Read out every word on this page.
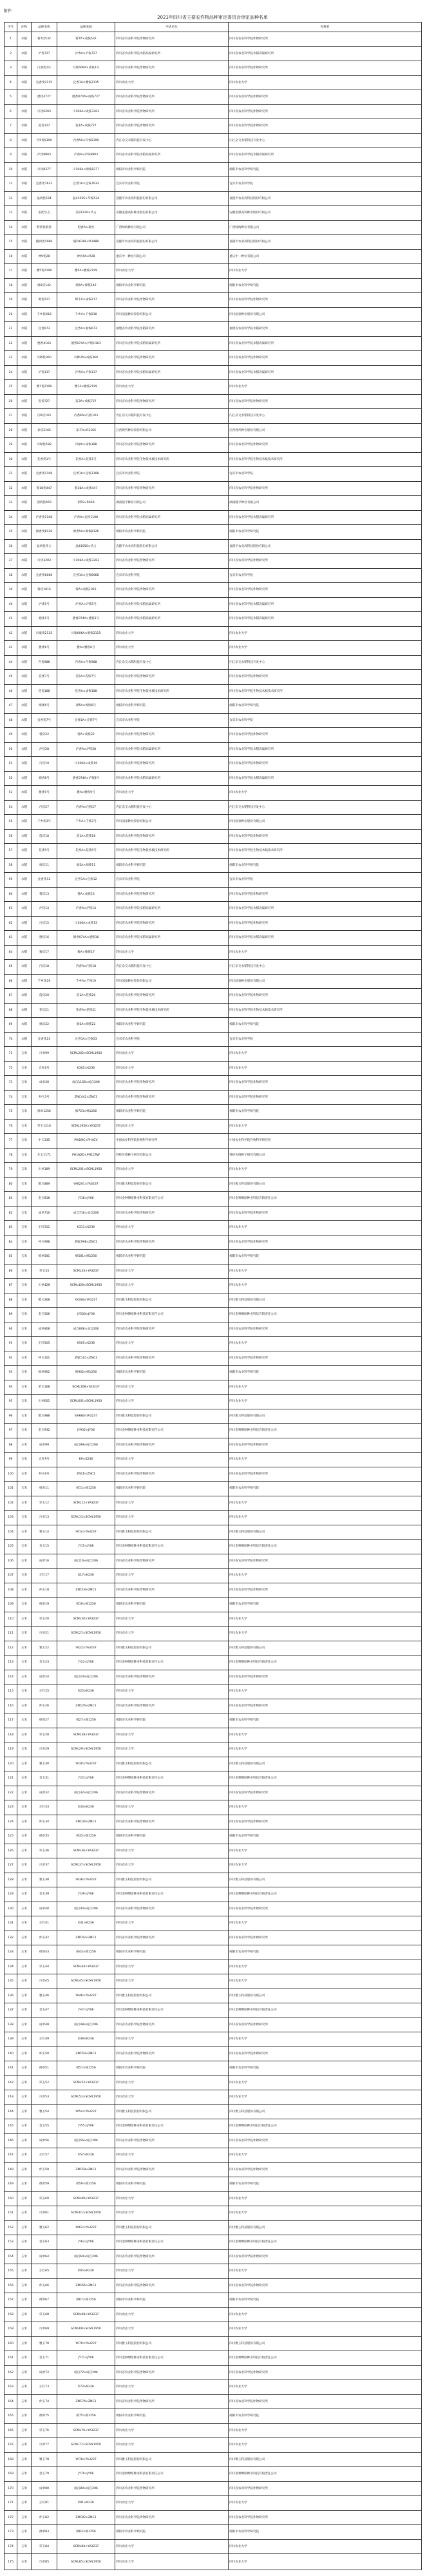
附件
2021年四川省主要农作物品种审定委员会审定品种名单
序号	作物	品种名称	品种来源	申请单位	育种者
1	水稻	蓉7优532	蓉7A×成恢532	四川省农业科学院作物研究所	四川省农业科学院作物研究所
2	水稻	泸优727	泸香A×泸恢727	四川省农业科学院水稻高粱研究所	四川省农业科学院水稻高粱研究所
3	水稻	川康优1号	川康606A×成恢1号	四川省农业科学院作物研究所	四川省农业科学院作物研究所
4	水稻	宜香优2115	宜香1A×雅恢2115	四川农业大学	四川农业大学
5	水稻	德优4727	德香074A×成恢727	四川省农业科学院作物研究所	四川省农业科学院作物研究所
6	水稻	川优6203	川106A×成恢3203	四川省农业科学院作物研究所	四川省农业科学院作物研究所
7	水稻	旌优127	旌1A×成恢727	四川省农业科学院作物研究所	四川省农业科学院作物研究所
8	水稻	内5优5399	内香5A×内恢5399	内江杂交水稻科技开发中心	内江杂交水稻科技开发中心
9	水稻	泸优9803	泸香A×泸恢9803	四川省农业科学院水稻高粱研究所	四川省农业科学院水稻高粱研究所
10	水稻	川优8377	川106A×绵恢8377	绵阳市农业科学研究院	绵阳市农业科学研究院
11	水稻	宜香优7633	宜香1A×宜恢7633	宜宾市农业科学院	宜宾市农业科学院
12	水稻	晶两优534	晶4155S×华恢534	袁隆平农业高科技股份有限公司	袁隆平农业高科技股份有限公司
13	水稻	荃优华占	荃9311A×华占	安徽荃银高科种业股份有限公司	安徽荃银高科种业股份有限公司
14	水稻	野香优莉丝	野香A×莉丝	广西绿海种业有限公司	广西绿海种业有限公司
15	水稻	隆两优1988	隆科638S×R1988	袁隆平农业高科技股份有限公司	袁隆平农业高科技股份有限公司
16	水稻	神9优28	神农9A×R28	重庆中一种业有限公司	重庆中一种业有限公司
17	水稻	雅5优2199	雅5A×雅恢2199	四川农业大学	四川农业大学
18	水稻	绵5优142	绵5A×绵恢142	绵阳市农业科学研究院	绵阳市农业科学研究院
19	水稻	蜀优217	蜀丰A×成恢217	四川省农业科学院作物研究所	四川省农业科学院作物研究所
20	水稻	千乡优818	千乡A×千恢818	四川国豪种业股份有限公司	四川国豪种业股份有限公司
21	水稻	宜优673	宜香A×福恢673	福建省农业科学院水稻研究所	福建省农业科学院水稻研究所
22	水稻	德香4103	德香074A×泸恢H103	四川省农业科学院水稻高粱研究所	四川省农业科学院水稻高粱研究所
23	水稻	川种优360	川种3A×成恢360	四川省农业科学院作物研究所	四川省农业科学院作物研究所
24	水稻	泸优137	泸香A×泸恢137	四川省农业科学院水稻高粱研究所	四川省农业科学院水稻高粱研究所
25	水稻	雅7优2199	雅7A×雅恢2199	四川农业大学	四川农业大学
26	水稻	旌优727	旌3A×成恢727	四川省农业科学院作物研究所	四川省农业科学院作物研究所
27	水稻	内6优103	内香6A×内恢103	内江杂交水稻科技开发中心	内江杂交水稻科技开发中心
28	水稻	泰优2165	泰丰A×R2165	江西现代种业股份有限公司	江西现代种业股份有限公司
29	水稻	川绿优188	川绿A×成恢188	四川省农业科学院作物研究所	四川省农业科学院作物研究所
30	水稻	花香优1号	花香A×花恢1号	四川省农业科学院生物技术核技术研究所	四川省农业科学院生物技术核技术研究所
31	水稻	宜香优1108	宜香1A×宜恢1108	宜宾市农业科学院	宜宾市农业科学院
32	水稻	蓉18优447	蓉18A×成恢447	四川省农业科学院作物研究所	四川省农业科学院作物研究所
33	水稻	创两优669	创5S×R669	湖南隆平种业有限公司	湖南隆平种业有限公司
34	水稻	泸香优1108	泸香A×宜恢1108	四川省农业科学院水稻高粱研究所	四川省农业科学院水稻高粱研究所
35	水稻	绵香优8126	绵香5A×绵恢8126	绵阳市农业科学研究院	绵阳市农业科学研究院
36	水稻	晶两优华占	晶4155S×华占	袁隆平农业高科技股份有限公司	袁隆平农业高科技股份有限公司
37	水稻	川优3203	川106A×成恢3203	四川省农业科学院作物研究所	四川省农业科学院作物研究所
38	水稻	宜香优6068	宜香1A×宜恢6068	宜宾市农业科学院	宜宾市农业科学院
39	水稻	蓉优1015	蓉A×成恢1015	四川省农业科学院作物研究所	四川省农业科学院作物研究所
40	水稻	泸优5号	泸香A×泸恢5号	四川省农业科学院水稻高粱研究所	四川省农业科学院水稻高粱研究所
41	水稻	德优1号	德香074A×德恢1号	四川省农业科学院水稻高粱研究所	四川省农业科学院水稻高粱研究所
42	水稻	川康优2115	川康606A×雅恢2115	四川农业大学	四川农业大学
43	水稻	雅优6号	雅A×雅恢6号	四川农业大学	四川农业大学
44	水稻	内优988	内香A×内恢988	内江杂交水稻科技开发中心	内江杂交水稻科技开发中心
45	水稻	旌优7号	旌1A×旌恢7号	四川省农业科学院作物研究所	四川省农业科学院作物研究所
46	水稻	花优188	花香A×成恢188	四川省农业科学院生物技术核技术研究所	四川省农业科学院生物技术核技术研究所
47	水稻	绵优6号	绵5A×绵恢6号	绵阳市农业科学研究院	绵阳市农业科学研究院
48	水稻	宜香优7号	宜香1A×宜恢7号	宜宾市农业科学院	宜宾市农业科学院
49	水稻	蓉优22	蓉A×成恢22	四川省农业科学院作物研究所	四川省农业科学院作物研究所
50	水稻	泸优28	泸香A×泸恢28	四川省农业科学院水稻高粱研究所	四川省农业科学院水稻高粱研究所
51	水稻	川优19	川106A×成恢19	四川省农业科学院作物研究所	四川省农业科学院作物研究所
52	水稻	德香8号	德香074A×泸恢8号	四川省农业科学院水稻高粱研究所	四川省农业科学院水稻高粱研究所
53	水稻	雅优9号	雅A×雅恢9号	四川农业大学	四川农业大学
54	水稻	内优27	内香A×内恢27	内江杂交水稻科技开发中心	内江杂交水稻科技开发中心
55	水稻	千乡优3号	千乡A×千恢3号	四川国豪种业股份有限公司	四川国豪种业股份有限公司
56	水稻	旌优18	旌1A×旌恢18	四川省农业科学院作物研究所	四川省农业科学院作物研究所
57	水稻	花优9号	花香A×花恢9号	四川省农业科学院生物技术核技术研究所	四川省农业科学院生物技术核技术研究所
58	水稻	绵优11	绵5A×绵恢11	绵阳市农业科学研究院	绵阳市农业科学研究院
59	水稻	宜香优12	宜香1A×宜恢12	宜宾市农业科学院	宜宾市农业科学院
60	水稻	蓉优13	蓉A×成恢13	四川省农业科学院作物研究所	四川省农业科学院作物研究所
61	水稻	泸优14	泸香A×泸恢14	四川省农业科学院水稻高粱研究所	四川省农业科学院水稻高粱研究所
62	水稻	川优15	川106A×成恢15	四川省农业科学院作物研究所	四川省农业科学院作物研究所
63	水稻	德优16	德香074A×德恢16	四川省农业科学院水稻高粱研究所	四川省农业科学院水稻高粱研究所
64	水稻	雅优17	雅A×雅恢17	四川农业大学	四川农业大学
65	水稻	内优18	内香A×内恢18	内江杂交水稻科技开发中心	内江杂交水稻科技开发中心
66	水稻	千乡优19	千乡A×千恢19	四川国豪种业股份有限公司	四川国豪种业股份有限公司
67	水稻	旌优20	旌1A×旌恢20	四川省农业科学院作物研究所	四川省农业科学院作物研究所
68	水稻	花优21	花香A×花恢21	四川省农业科学院生物技术核技术研究所	四川省农业科学院生物技术核技术研究所
69	水稻	绵优22	绵5A×绵恢22	绵阳市农业科学研究院	绵阳市农业科学研究院
70	水稻	宜香优23	宜香1A×宜恢23	宜宾市农业科学院	宜宾市农业科学院
71	玉米	川单99	SCML202×SCML1950	四川农业大学	四川农业大学
72	玉米	正红6号	K305×K236	四川农业大学	四川农业大学
73	玉米	成单30	成自1158×成自206	四川省农业科学院作物研究所	四川省农业科学院作物研究所
74	玉米	仲玉3号	ZNC442×ZNC1	四川省农业科学院作物研究所	四川省农业科学院作物研究所
75	玉米	绵单1256	绵723×绵1256	绵阳市农业科学研究院	绵阳市农业科学研究院
76	玉米	荣玉1210	SCML1950×YA3237	四川农业大学	四川农业大学
77	玉米	中玉335	PH6WC×PH4CV	中国农业科学院作物科学研究所	中国农业科学院作物科学研究所
78	玉米	先玉1171	PH1N2D×PH1CRW	铁岭先锋种子研究有限公司	铁岭先锋种子研究有限公司
79	玉米	川单189	SCML201×SCML1950	四川农业大学	四川农业大学
80	玉米	雅玉889	YA8201×YA3237	四川雅玉科技股份有限公司	四川雅玉科技股份有限公司
81	玉米	金玉818	JY18×JY08	四川金种燎原种业科技有限责任公司	四川金种燎原种业科技有限责任公司
82	玉米	成单716	成自716×成自206	四川省农业科学院作物研究所	四川省农业科学院作物研究所
83	玉米	正红311	K311×K236	四川农业大学	四川农业大学
84	玉米	仲玉998	ZNC998×ZNC1	四川省农业科学院作物研究所	四川省农业科学院作物研究所
85	玉米	绵单581	绵581×绵1256	绵阳市农业科学研究院	绵阳市农业科学研究院
86	玉米	荣玉33	SCML33×YA3237	四川农业大学	四川农业大学
87	玉米	川单428	SCML428×SCML1950	四川农业大学	四川农业大学
88	玉米	雅玉268	YA268×YA3237	四川雅玉科技股份有限公司	四川雅玉科技股份有限公司
89	玉米	金玉506	JY506×JY08	四川金种燎原种业科技有限责任公司	四川金种燎原种业科技有限责任公司
90	玉米	成单808	成自808×成自206	四川省农业科学院作物研究所	四川省农业科学院作物研究所
91	玉米	正红505	K505×K236	四川农业大学	四川农业大学
92	玉米	仲玉101	ZNC101×ZNC1	四川省农业科学院作物研究所	四川省农业科学院作物研究所
93	玉米	绵单902	绵902×绵1256	绵阳市农业科学研究院	绵阳市农业科学研究院
94	玉米	荣玉168	SCML168×YA3237	四川农业大学	四川农业大学
95	玉米	川单601	SCML601×SCML1950	四川农业大学	四川农业大学
96	玉米	雅玉988	YA988×YA3237	四川雅玉科技股份有限公司	四川雅玉科技股份有限公司
97	玉米	金玉932	JY932×JY08	四川金种燎原种业科技有限责任公司	四川金种燎原种业科技有限责任公司
98	玉米	成单99	成自99×成自206	四川省农业科学院作物研究所	四川省农业科学院作物研究所
99	玉米	正红9号	K9×K236	四川农业大学	四川农业大学
100	玉米	仲玉6号	ZNC6×ZNC1	四川省农业科学院作物研究所	四川省农业科学院作物研究所
101	玉米	绵单11	绵11×绵1256	绵阳市农业科学研究院	绵阳市农业科学研究院
102	玉米	荣玉12	SCML12×YA3237	四川农业大学	四川农业大学
103	玉米	川单13	SCML13×SCML1950	四川农业大学	四川农业大学
104	玉米	雅玉14	YA14×YA3237	四川雅玉科技股份有限公司	四川雅玉科技股份有限公司
105	玉米	金玉15	JY15×JY08	四川金种燎原种业科技有限责任公司	四川金种燎原种业科技有限责任公司
106	玉米	成单16	成自16×成自206	四川省农业科学院作物研究所	四川省农业科学院作物研究所
107	玉米	正红17	K17×K236	四川农业大学	四川农业大学
108	玉米	仲玉18	ZNC18×ZNC1	四川省农业科学院作物研究所	四川省农业科学院作物研究所
109	玉米	绵单19	绵19×绵1256	绵阳市农业科学研究院	绵阳市农业科学研究院
110	玉米	荣玉20	SCML20×YA3237	四川农业大学	四川农业大学
111	玉米	川单21	SCML21×SCML1950	四川农业大学	四川农业大学
112	玉米	雅玉22	YA22×YA3237	四川雅玉科技股份有限公司	四川雅玉科技股份有限公司
113	玉米	金玉23	JY23×JY08	四川金种燎原种业科技有限责任公司	四川金种燎原种业科技有限责任公司
114	玉米	成单24	成自24×成自206	四川省农业科学院作物研究所	四川省农业科学院作物研究所
115	玉米	正红25	K25×K236	四川农业大学	四川农业大学
116	玉米	仲玉26	ZNC26×ZNC1	四川省农业科学院作物研究所	四川省农业科学院作物研究所
117	玉米	绵单27	绵27×绵1256	绵阳市农业科学研究院	绵阳市农业科学研究院
118	玉米	荣玉28	SCML28×YA3237	四川农业大学	四川农业大学
119	玉米	川单29	SCML29×SCML1950	四川农业大学	四川农业大学
120	玉米	雅玉30	YA30×YA3237	四川雅玉科技股份有限公司	四川雅玉科技股份有限公司
121	玉米	金玉31	JY31×JY08	四川金种燎原种业科技有限责任公司	四川金种燎原种业科技有限责任公司
122	玉米	成单32	成自32×成自206	四川省农业科学院作物研究所	四川省农业科学院作物研究所
123	玉米	正红33	K33×K236	四川农业大学	四川农业大学
124	玉米	仲玉34	ZNC34×ZNC1	四川省农业科学院作物研究所	四川省农业科学院作物研究所
125	玉米	绵单35	绵35×绵1256	绵阳市农业科学研究院	绵阳市农业科学研究院
126	玉米	荣玉36	SCML36×YA3237	四川农业大学	四川农业大学
127	玉米	川单37	SCML37×SCML1950	四川农业大学	四川农业大学
128	玉米	雅玉38	YA38×YA3237	四川雅玉科技股份有限公司	四川雅玉科技股份有限公司
129	玉米	金玉39	JY39×JY08	四川金种燎原种业科技有限责任公司	四川金种燎原种业科技有限责任公司
130	玉米	成单40	成自40×成自206	四川省农业科学院作物研究所	四川省农业科学院作物研究所
131	玉米	正红41	K41×K236	四川农业大学	四川农业大学
132	玉米	仲玉42	ZNC42×ZNC1	四川省农业科学院作物研究所	四川省农业科学院作物研究所
133	玉米	绵单43	绵43×绵1256	绵阳市农业科学研究院	绵阳市农业科学研究院
134	玉米	荣玉44	SCML44×YA3237	四川农业大学	四川农业大学
135	玉米	川单45	SCML45×SCML1950	四川农业大学	四川农业大学
136	玉米	雅玉46	YA46×YA3237	四川雅玉科技股份有限公司	四川雅玉科技股份有限公司
137	玉米	金玉47	JY47×JY08	四川金种燎原种业科技有限责任公司	四川金种燎原种业科技有限责任公司
138	玉米	成单48	成自48×成自206	四川省农业科学院作物研究所	四川省农业科学院作物研究所
139	玉米	正红49	K49×K236	四川农业大学	四川农业大学
140	玉米	仲玉50	ZNC50×ZNC1	四川省农业科学院作物研究所	四川省农业科学院作物研究所
141	玉米	绵单51	绵51×绵1256	绵阳市农业科学研究院	绵阳市农业科学研究院
142	玉米	荣玉52	SCML52×YA3237	四川农业大学	四川农业大学
143	玉米	川单53	SCML53×SCML1950	四川农业大学	四川农业大学
144	玉米	雅玉54	YA54×YA3237	四川雅玉科技股份有限公司	四川雅玉科技股份有限公司
145	玉米	金玉55	JY55×JY08	四川金种燎原种业科技有限责任公司	四川金种燎原种业科技有限责任公司
146	玉米	成单56	成自56×成自206	四川省农业科学院作物研究所	四川省农业科学院作物研究所
147	玉米	正红57	K57×K236	四川农业大学	四川农业大学
148	玉米	仲玉58	ZNC58×ZNC1	四川省农业科学院作物研究所	四川省农业科学院作物研究所
149	玉米	绵单59	绵59×绵1256	绵阳市农业科学研究院	绵阳市农业科学研究院
150	玉米	荣玉60	SCML60×YA3237	四川农业大学	四川农业大学
151	玉米	川单61	SCML61×SCML1950	四川农业大学	四川农业大学
152	玉米	雅玉62	YA62×YA3237	四川雅玉科技股份有限公司	四川雅玉科技股份有限公司
153	玉米	金玉63	JY63×JY08	四川金种燎原种业科技有限责任公司	四川金种燎原种业科技有限责任公司
154	玉米	成单64	成自64×成自206	四川省农业科学院作物研究所	四川省农业科学院作物研究所
155	玉米	正红65	K65×K236	四川农业大学	四川农业大学
156	玉米	仲玉66	ZNC66×ZNC1	四川省农业科学院作物研究所	四川省农业科学院作物研究所
157	玉米	绵单67	绵67×绵1256	绵阳市农业科学研究院	绵阳市农业科学研究院
158	玉米	荣玉68	SCML68×YA3237	四川农业大学	四川农业大学
159	玉米	川单69	SCML69×SCML1950	四川农业大学	四川农业大学
160	玉米	雅玉70	YA70×YA3237	四川雅玉科技股份有限公司	四川雅玉科技股份有限公司
161	玉米	金玉71	JY71×JY08	四川金种燎原种业科技有限责任公司	四川金种燎原种业科技有限责任公司
162	玉米	成单72	成自72×成自206	四川省农业科学院作物研究所	四川省农业科学院作物研究所
163	玉米	正红73	K73×K236	四川农业大学	四川农业大学
164	玉米	仲玉74	ZNC74×ZNC1	四川省农业科学院作物研究所	四川省农业科学院作物研究所
165	玉米	绵单75	绵75×绵1256	绵阳市农业科学研究院	绵阳市农业科学研究院
166	玉米	荣玉76	SCML76×YA3237	四川农业大学	四川农业大学
167	玉米	川单77	SCML77×SCML1950	四川农业大学	四川农业大学
168	玉米	雅玉78	YA78×YA3237	四川雅玉科技股份有限公司	四川雅玉科技股份有限公司
169	玉米	金玉79	JY79×JY08	四川金种燎原种业科技有限责任公司	四川金种燎原种业科技有限责任公司
170	玉米	成单80	成自80×成自206	四川省农业科学院作物研究所	四川省农业科学院作物研究所
171	玉米	正红81	K81×K236	四川农业大学	四川农业大学
172	玉米	仲玉82	ZNC82×ZNC1	四川省农业科学院作物研究所	四川省农业科学院作物研究所
173	玉米	绵单83	绵83×绵1256	绵阳市农业科学研究院	绵阳市农业科学研究院
174	玉米	荣玉84	SCML84×YA3237	四川农业大学	四川农业大学
175	玉米	川单85	SCML85×SCML1950	四川农业大学	四川农业大学
